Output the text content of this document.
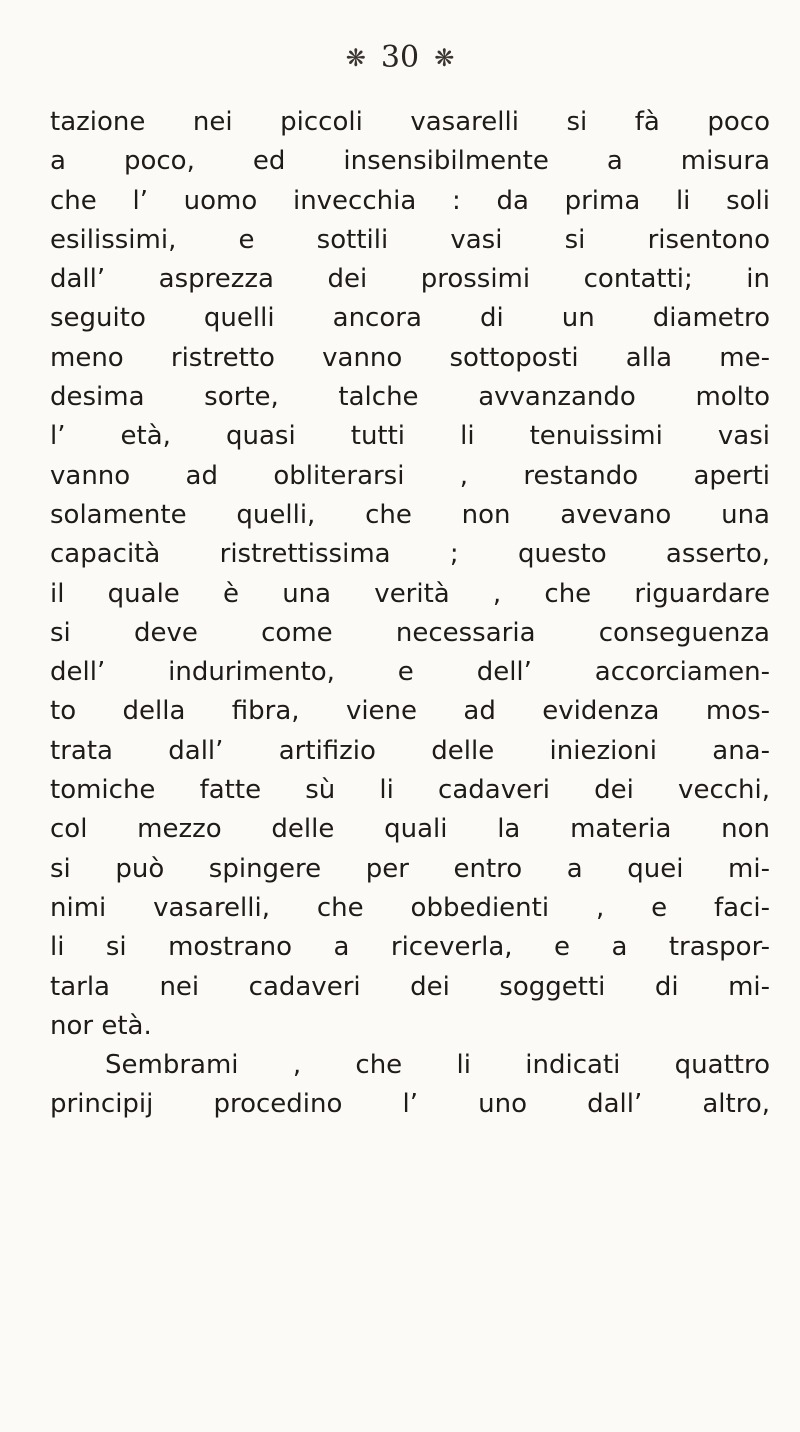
❋ 30 ❋
tazione nei piccoli vasarelli si fà poco
a poco, ed insensibilmente a misura
che l’ uomo invecchia : da prima li soli
esilissimi, e sottili vasi si risentono
dall’ asprezza dei prossimi contatti; in
seguito quelli ancora di un diametro
meno ristretto vanno sottoposti alla me-
desima sorte, talche avvanzando molto
l’ età, quasi tutti li tenuissimi vasi
vanno ad obliterarsi , restando aperti
solamente quelli, che non avevano una
capacità ristrettissima ; questo asserto,
il quale è una verità , che riguardare
si deve come necessaria conseguenza
dell’ indurimento, e dell’ accorciamen-
to della fibra, viene ad evidenza mos-
trata dall’ artifizio delle iniezioni ana-
tomiche fatte sù li cadaveri dei vecchi,
col mezzo delle quali la materia non
si può spingere per entro a quei mi-
nimi vasarelli, che obbedienti , e faci-
li si mostrano a riceverla, e a traspor-
tarla nei cadaveri dei soggetti di mi-
nor età.
Sembrami , che li indicati quattro
principij procedino l’ uno dall’ altro,
